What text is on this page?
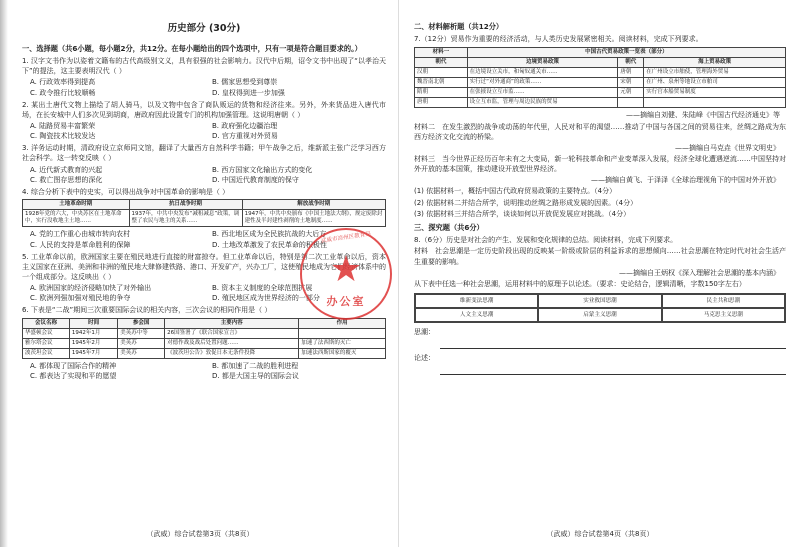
历史部分 (30分)

一、选择题（共6小题，每小题2分，共12分。在每小题给出的四个选项中，只有一项是符合题目要求的。）

1. 汉字文书作为以姿着文籍布的古代高级别文义，具有很强的社会影响力。汉代中后期，诏令文书中出现了“以孝治天下”的提法，这主要表明汉代（ ）

A. 行政效率得到提高	B. 儒家思想受到尊崇
C. 政令推行比较顺畅	D. 皇权得到进一步加强

2. 某出土唐代文物上描绘了胡人骑马，以及文物中包含了商队贩运的货物和经济往来。另外，外来货品进入唐代市场，在长安城中人们多次见到胡商，唐政府因此设置专门的机构加强管理。这说明唐朝（ ）

A. 陆路贸易丰富繁荣	B. 政府强化边疆治理
C. 陶瓷技术比较发达	D. 官方重视对外贸易

3. 洋务运动时期，清政府设立京师同文馆，翻译了大量西方自然科学书籍；甲午战争之后，维新派主张广泛学习西方社会科学。这一转变反映（ ）

A. 近代新式教育的兴起	B. 西方国家文化输出方式的变化
C. 救亡图存思想的深化	D. 中国近代教育制度的保守

4. 综合分析下表中的史实，可以得出战争对中国革命的影响是（ ）

土地革命时期	抗日战争时期	解放战争时期
1928年党的六大，中央苏区在土地革命中，实行没收地主土地……	1937年，中共中央发布“减租减息”政策，调整了农民与地主的关系……	1947年，中共中央颁布《中国土地法大纲》，规定废除封建性及半封建性剥削的土地制度……
A. 党的工作重心由城市转向农村	B. 西北地区成为全民族抗战的大后方
C. 人民的支持是革命胜利的保障	D. 土地改革激发了农民革命的积极性

5. 工业革命以前，欧洲国家主要在殖民地进行直接的财富掠夺。但工业革命以后，特别是第二次工业革命以后，资本主义国家在亚洲、美洲和非洲的殖民地大肆修建铁路、港口、开发矿产，兴办工厂，这使殖民地成为它们经济体系中的一个组成部分。这反映出（ ）

A. 欧洲国家的经济侵略加快了对外输出	B. 资本主义制度的全球范围扩展
C. 欧洲列强加强对殖民地的争夺	D. 殖民地区成为世界经济的一部分

6. 下表是“二战”期间三次重要国际会议的相关内容，三次会议的相同作用是（ ）

会议名称	时间	参会国	主要内容	作用
华盛顿会议	1942年1月	美英苏中等	26国签署了《联合国家宣言》	
雅尔塔会议	1945年2月	美英苏	对德作战及战后处置问题……	加速了法西斯的灭亡
波茨坦会议	1945年7月	美英苏	《波茨坦公告》敦促日本无条件投降	加速法西斯国家的覆灭
A. 都体现了国际合作的精神	B. 都加速了二战的胜利进程
C. 都表达了实现和平的愿望	D. 都是大国主导的国际会议
（武威）综合试卷第3页（共8页）
武威市凉州区教育局
★
办公室

二、材料解析题（共12分）

7.（12分）贸易作为重要的经济活动，与人类历史发展紧密相关。阅读材料，完成下列要求。

材料一	中国古代贸易政策一览表（部分）		
朝代	边境贸易政策	朝代	海上贸易政策
汉朝	在边境设立关市，和匈奴通关市……	唐朝	在广州设立市舶使，管理海外贸易
魏晋南北朝	实行过“对外通商”的政策……	宋朝	在广州、泉州等地设立市舶司
隋朝	在张掖设立互市监……	元朝	实行官本船贸易制度
唐朝	设立互市监，管理与周边民族的贸易		

——摘编自刘健、朱陆峰《中国古代经济通史》等

材料二　在发生激烈的战争或动荡的年代里，人民对和平的渴望……推动了中国与各国之间的贸易往来，丝绸之路成为东西方经济文化交流的桥梁。

——摘编自马克垚《世界文明史》

材料三　当今世界正经历百年未有之大变局，新一轮科技革命和产业变革深入发展，经济全球化遭遇逆流……中国坚持对外开放的基本国策，推动建设开放型世界经济。

——摘编自黄飞、于泽泽《全球治理视角下的中国对外开放》

(1) 依据材料一，概括中国古代政府贸易政策的主要特点。（4分）

(2) 依据材料二并结合所学，说明推动丝绸之路形成发展的因素。（4分）

(3) 依据材料三并结合所学，谈谈如何以开放促发展应对挑战。（4分）

三、探究题（共6分）

8.（6分）历史是对社会的产生、发展和变化规律的总结。阅读材料，完成下列要求。

材料　社会思潮是一定历史阶段出现的反映某一阶级或阶层的利益诉求的思想倾向……社会思潮在特定时代对社会生活产生重要的影响。

——摘编自王炳权《深入理解社会思潮的基本内涵》

从下表中任选一种社会思潮，运用材料中的原理予以论述。（要求：史论结合，逻辑清晰，字数150字左右）

维新变法思潮	实业救国思潮	民主共和思潮
人文主义思潮	启蒙主义思潮	马克思主义思潮

思潮：

论述：

（武威）综合试卷第4页（共8页）
